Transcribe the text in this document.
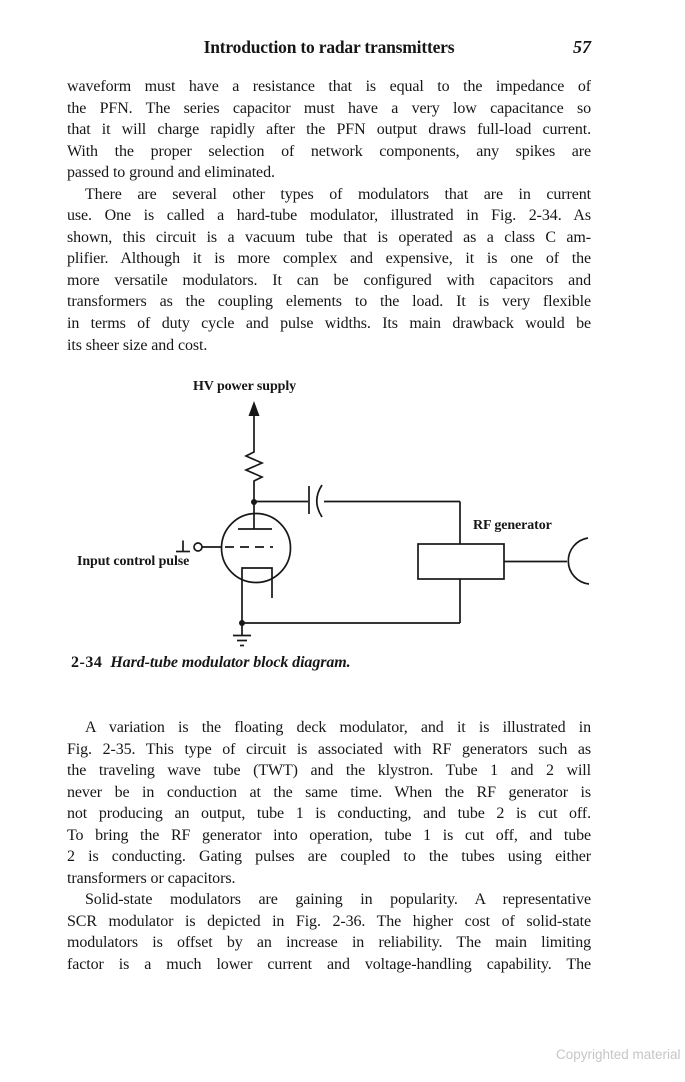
Introduction to radar transmitters	57
waveform must have a resistance that is equal to the impedance of
the PFN. The series capacitor must have a very low capacitance so
that it will charge rapidly after the PFN output draws full-load current.
With the proper selection of network components, any spikes are
passed to ground and eliminated.
There are several other types of modulators that are in current
use. One is called a hard-tube modulator, illustrated in Fig. 2-34. As
shown, this circuit is a vacuum tube that is operated as a class C am-
plifier. Although it is more complex and expensive, it is one of the
more versatile modulators. It can be configured with capacitors and
transformers as the coupling elements to the load. It is very flexible
in terms of duty cycle and pulse widths. Its main drawback would be
its sheer size and cost.
HV power supply
Input control pulse
RF generator
2-34 Hard-tube modulator block diagram.
A variation is the floating deck modulator, and it is illustrated in
Fig. 2-35. This type of circuit is associated with RF generators such as
the traveling wave tube (TWT) and the klystron. Tube 1 and 2 will
never be in conduction at the same time. When the RF generator is
not producing an output, tube 1 is conducting, and tube 2 is cut off.
To bring the RF generator into operation, tube 1 is cut off, and tube
2 is conducting. Gating pulses are coupled to the tubes using either
transformers or capacitors.
Solid-state modulators are gaining in popularity. A representative
SCR modulator is depicted in Fig. 2-36. The higher cost of solid-state
modulators is offset by an increase in reliability. The main limiting
factor is a much lower current and voltage-handling capability. The
Copyrighted material
